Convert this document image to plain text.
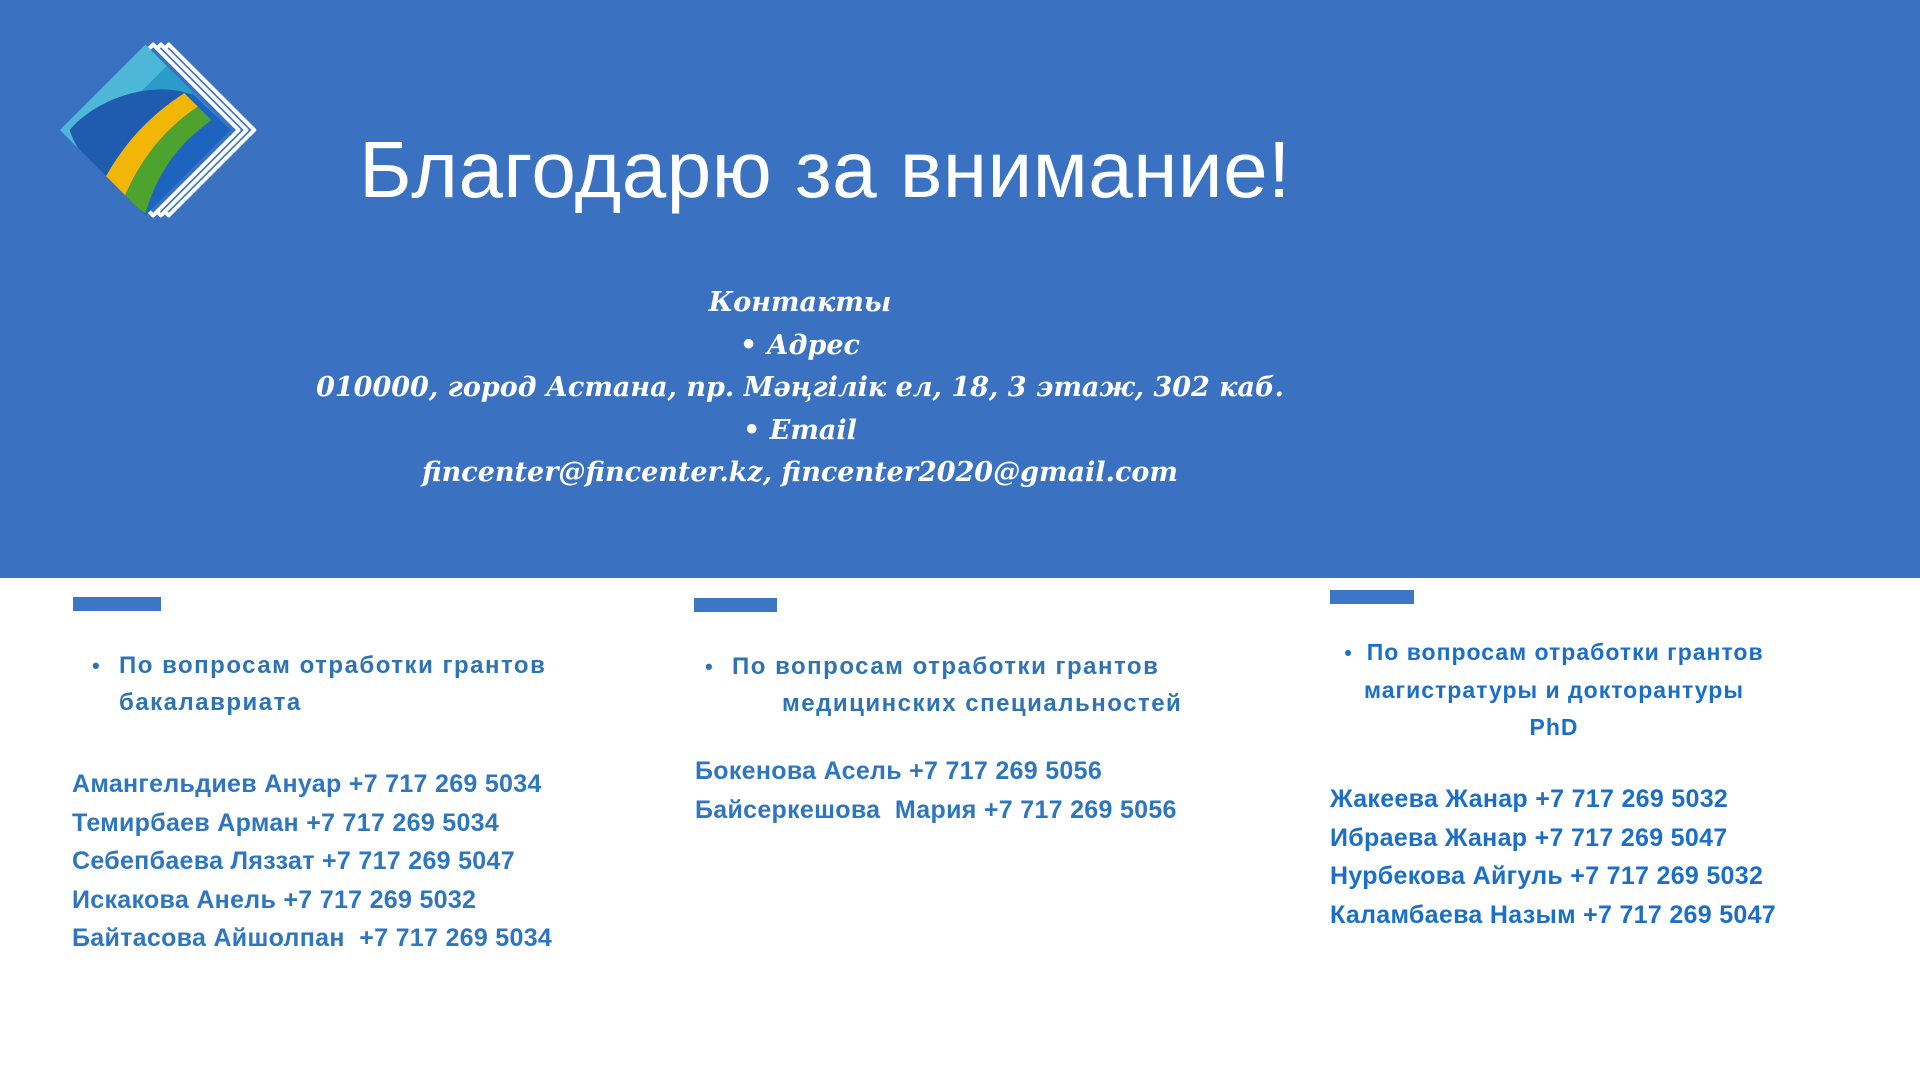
Благодарю за внимание!
Контакты
• Адрес
010000, город Астана, пр. Мәңгілік ел, 18, 3 этаж, 302 каб.
• Email
fincenter@fincenter.kz, fincenter2020@gmail.com
• По вопросам отработки грантов
бакалавриата
Амангельдиев Ануар +7 717 269 5034
Темирбаев Арман +7 717 269 5034
Себепбаева Ляззат +7 717 269 5047
Искакова Анель +7 717 269 5032
Байтасова Айшолпан  +7 717 269 5034
• По вопросам отработки грантов
медицинских специальностей
Бокенова Асель +7 717 269 5056
Байсеркешова  Мария +7 717 269 5056
• По вопросам отработки грантов
магистратуры и докторантуры
PhD
Жакеева Жанар +7 717 269 5032
Ибраева Жанар +7 717 269 5047
Нурбекова Айгуль +7 717 269 5032
Каламбаева Назым +7 717 269 5047
